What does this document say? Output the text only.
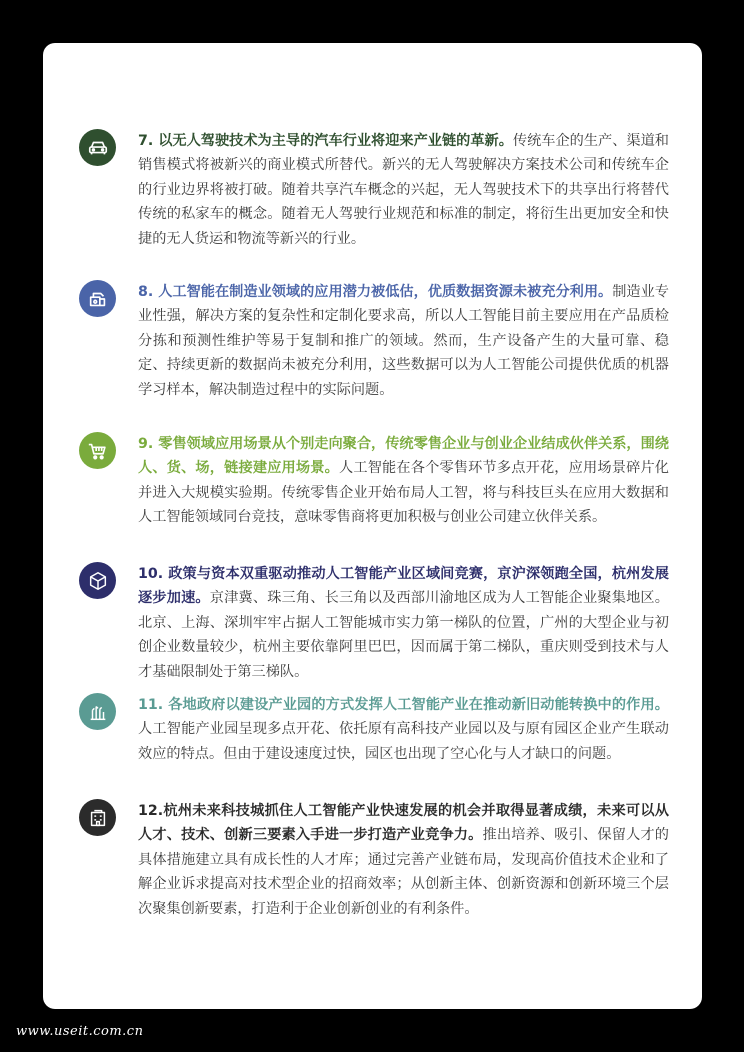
7. 以无人驾驶技术为主导的汽车行业将迎来产业链的革新。传统车企的生产、渠道和销售模式将被新兴的商业模式所替代。新兴的无人驾驶解决方案技术公司和传统车企的行业边界将被打破。随着共享汽车概念的兴起，无人驾驶技术下的共享出行将替代传统的私家车的概念。随着无人驾驶行业规范和标准的制定，将衍生出更加安全和快捷的无人货运和物流等新兴的行业。
8. 人工智能在制造业领域的应用潜力被低估，优质数据资源未被充分利用。制造业专业性强，解决方案的复杂性和定制化要求高，所以人工智能目前主要应用在产品质检分拣和预测性维护等易于复制和推广的领域。然而，生产设备产生的大量可靠、稳定、持续更新的数据尚未被充分利用，这些数据可以为人工智能公司提供优质的机器学习样本，解决制造过程中的实际问题。
9. 零售领域应用场景从个别走向聚合，传统零售企业与创业企业结成伙伴关系，围绕人、货、场，链接建应用场景。人工智能在各个零售环节多点开花，应用场景碎片化并进入大规模实验期。传统零售企业开始布局人工智，将与科技巨头在应用大数据和人工智能领域同台竞技，意味零售商将更加积极与创业公司建立伙伴关系。
10. 政策与资本双重驱动推动人工智能产业区域间竞赛，京沪深领跑全国，杭州发展逐步加速。京津冀、珠三角、长三角以及西部川渝地区成为人工智能企业聚集地区。北京、上海、深圳牢牢占据人工智能城市实力第一梯队的位置，广州的大型企业与初创企业数量较少，杭州主要依靠阿里巴巴，因而属于第二梯队，重庆则受到技术与人才基础限制处于第三梯队。
11. 各地政府以建设产业园的方式发挥人工智能产业在推动新旧动能转换中的作用。人工智能产业园呈现多点开花、依托原有高科技产业园以及与原有园区企业产生联动效应的特点。但由于建设速度过快，园区也出现了空心化与人才缺口的问题。
12.杭州未来科技城抓住人工智能产业快速发展的机会并取得显著成绩，未来可以从人才、技术、创新三要素入手进一步打造产业竞争力。推出培养、吸引、保留人才的具体措施建立具有成长性的人才库；通过完善产业链布局，发现高价值技术企业和了解企业诉求提高对技术型企业的招商效率；从创新主体、创新资源和创新环境三个层次聚集创新要素，打造利于企业创新创业的有利条件。
www.useit.com.cn
